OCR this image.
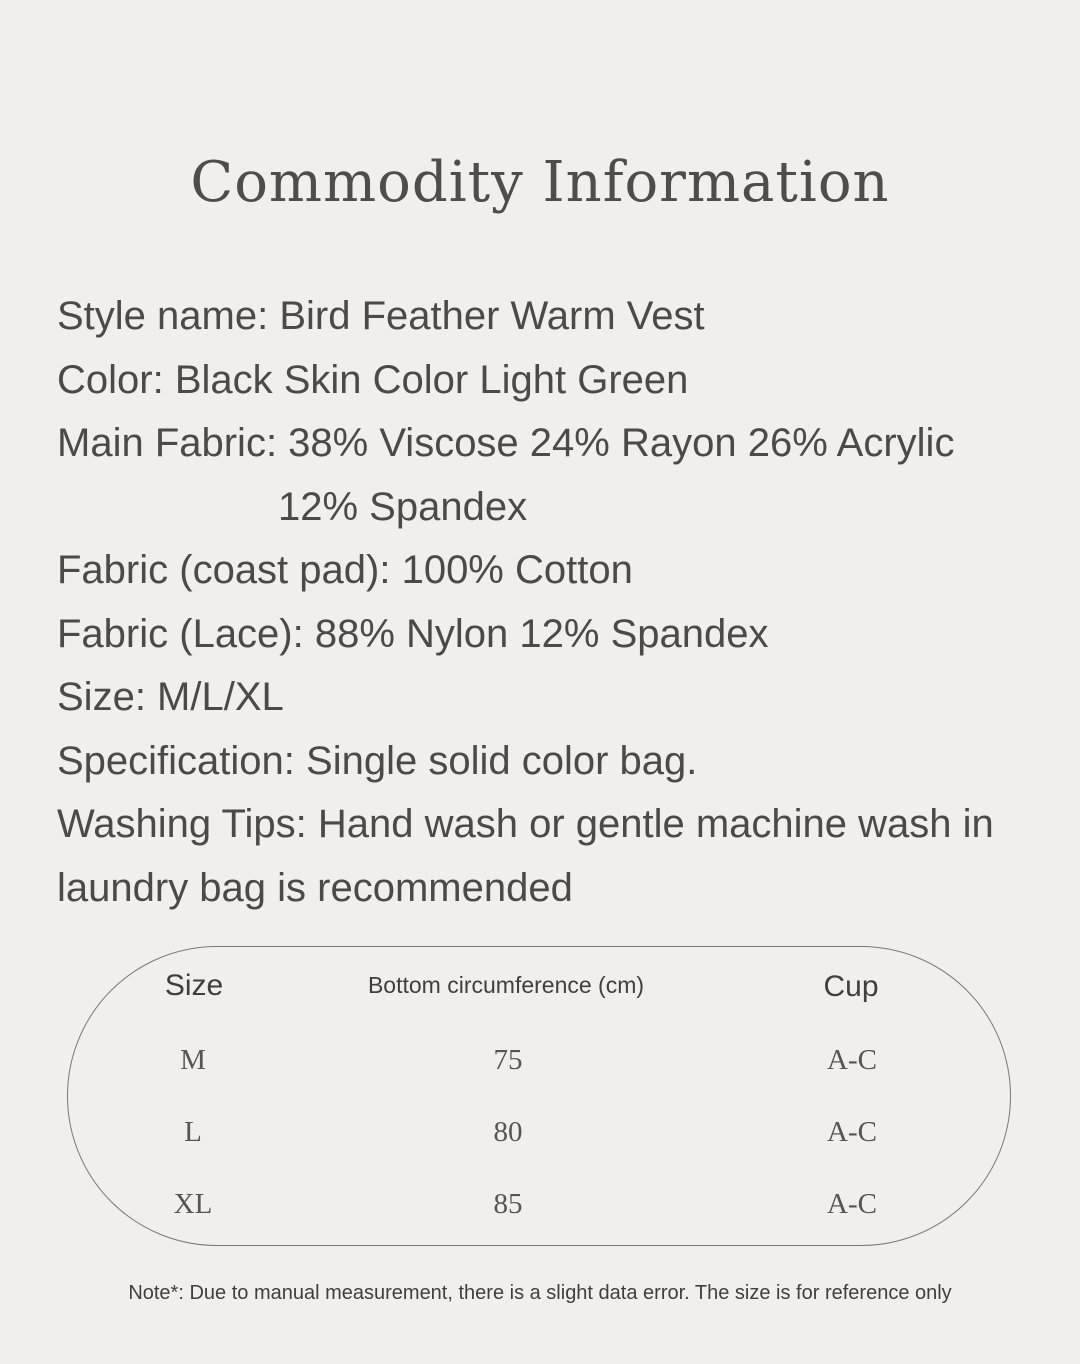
Commodity Information
Style name: Bird Feather Warm Vest
Color: Black Skin Color Light Green
Main Fabric: 38% Viscose 24% Rayon 26% Acrylic
12% Spandex
Fabric (coast pad): 100% Cotton
Fabric (Lace): 88% Nylon 12% Spandex
Size: M/L/XL
Specification: Single solid color bag.
Washing Tips: Hand wash or gentle machine wash in
laundry bag is recommended
Size	Bottom circumference (cm)	Cup
M	75	A-C
L	80	A-C
XL	85	A-C
Note*: Due to manual measurement, there is a slight data error. The size is for reference only
